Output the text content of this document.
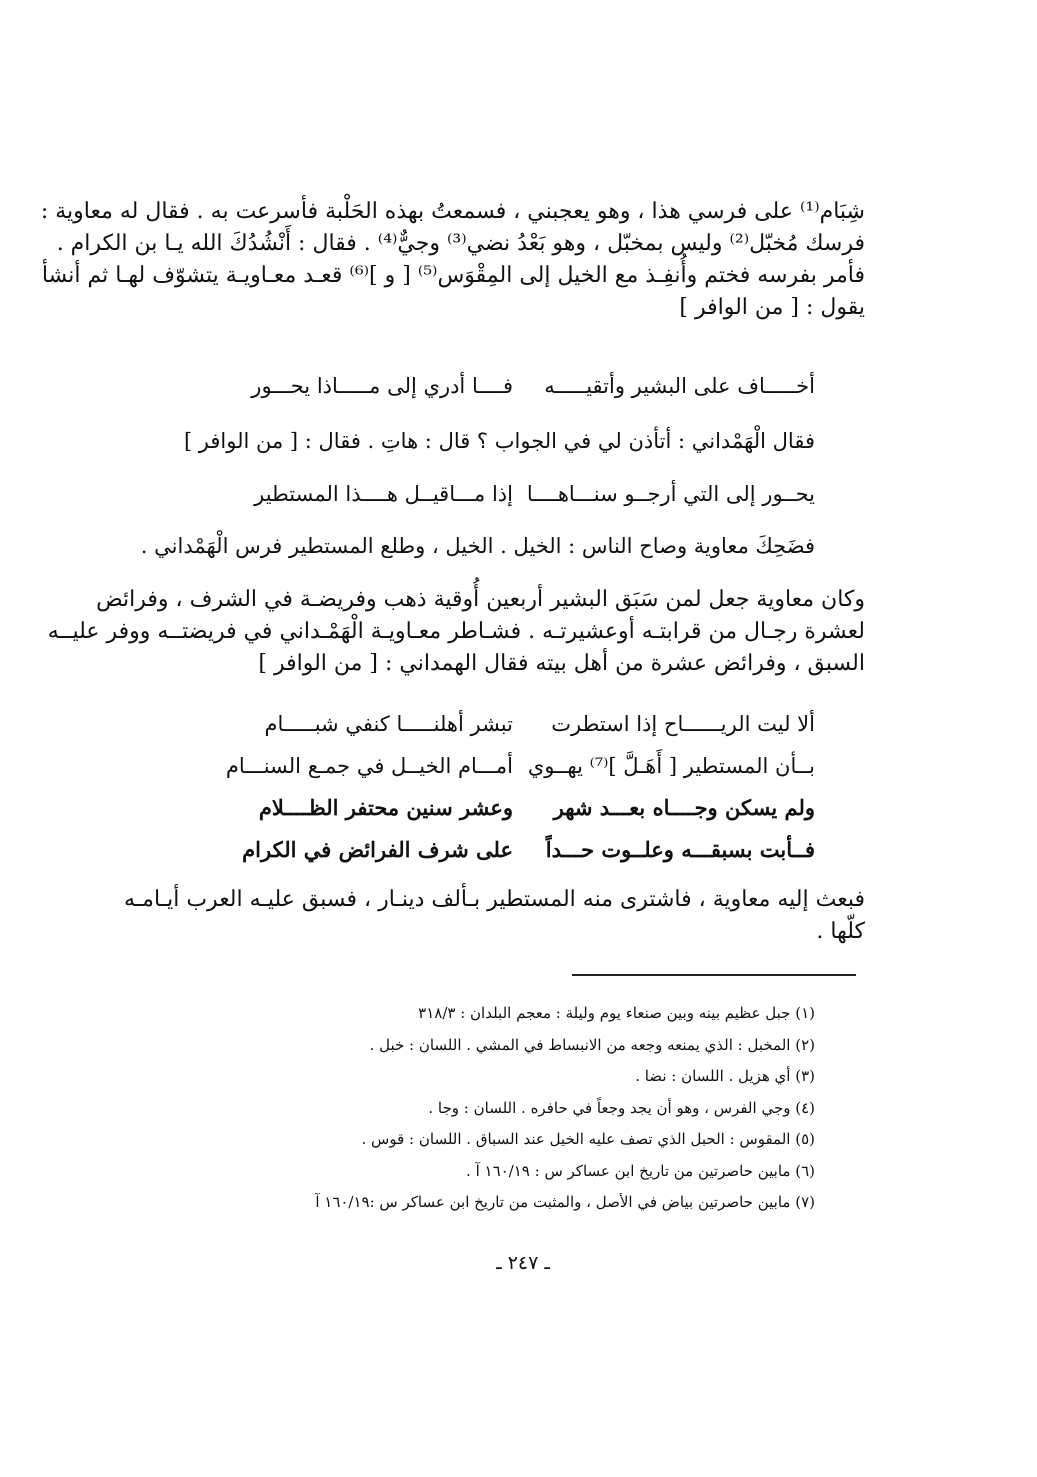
شِبَام⁽¹⁾ على فرسي هذا ، وهو يعجبني ، فسمعتُ بهذه الحَلْبة فأسرعت به . فقال له معاوية :
فرسك مُخبّل⁽²⁾ وليس بمخبّل ، وهو بَعْدُ نضي⁽³⁾ وجيٌّ⁽⁴⁾ . فقال : أَنْشُدُكَ الله يـا بن الكرام .
فأمر بفرسه فختم وأُنفِـذ مع الخيل إلى المِقْوَس⁽⁵⁾ [ و ]⁽⁶⁾ قعـد معـاويـة يتشوّف لهـا ثم أنشأ
يقول : [ من الوافر ]
أخـــــاف على البشير وأتقيـــــه
فــــا أدري إلى مـــــاذا يحـــور
فقال الْهَمْداني : أتأذن لي في الجواب ؟ قال : هاتِ . فقال : [ من الوافر ]
يحــور إلى التي أرجــو سنـــاهــــا
إذا مـــاقيــل هــــذا المستطير
فضَحِكَ معاوية وصاح الناس : الخيل . الخيل ، وطلع المستطير فرس الْهَمْداني .
وكان معاوية جعل لمن سَبَق البشير أربعين أُوقية ذهب وفريضـة في الشرف ، وفرائض
لعشرة رجـال من قرابتـه أوعشيرتـه . فشـاطر معـاويـة الْهَمْـداني في فريضتــه ووفر عليــه
السبق ، وفرائض عشرة من أهل بيته فقال الهمداني : [ من الوافر ]
ألا ليت الريــــــاح إذا استطرت
تبشر أهلنـــــا كنفي شبـــــام
بــأن المستطير [ أَهَـلَّ ]⁽⁷⁾ يهــوي
أمـــام الخيــل في جمـع السنـــام
ولم يسكن وجــــاه بعـــد شهر
وعشر سنين محتفر الظــــلام
فــأبت بسبقـــه وعلــوت حـــداً
على شرف الفرائض في الكرام
فبعث إليه معاوية ، فاشترى منه المستطير بـألف دينـار ، فسبق عليـه العرب أيـامـه
كلّها .
(١) جبل عظيم بينه وبين صنعاء يوم وليلة : معجم البلدان : ٣١٨/٣
(٢) المخبل : الذي يمنعه وجعه من الانبساط في المشي . اللسان : خبل .
(٣) أي هزيل . اللسان : نضا .
(٤) وجي الفرس ، وهو أن يجد وجعاً في حافره . اللسان : وجا .
(٥) المقوس : الحبل الذي تصف عليه الخيل عند السباق . اللسان : قوس .
(٦) مابين حاصرتين من تاريخ ابن عساكر س : ١٦٠/١٩ آ .
(٧) مابين حاصرتين بياض في الأصل ، والمثبت من تاريخ ابن عساكر س :١٦٠/١٩ آ
ـ ٢٤٧ ـ
